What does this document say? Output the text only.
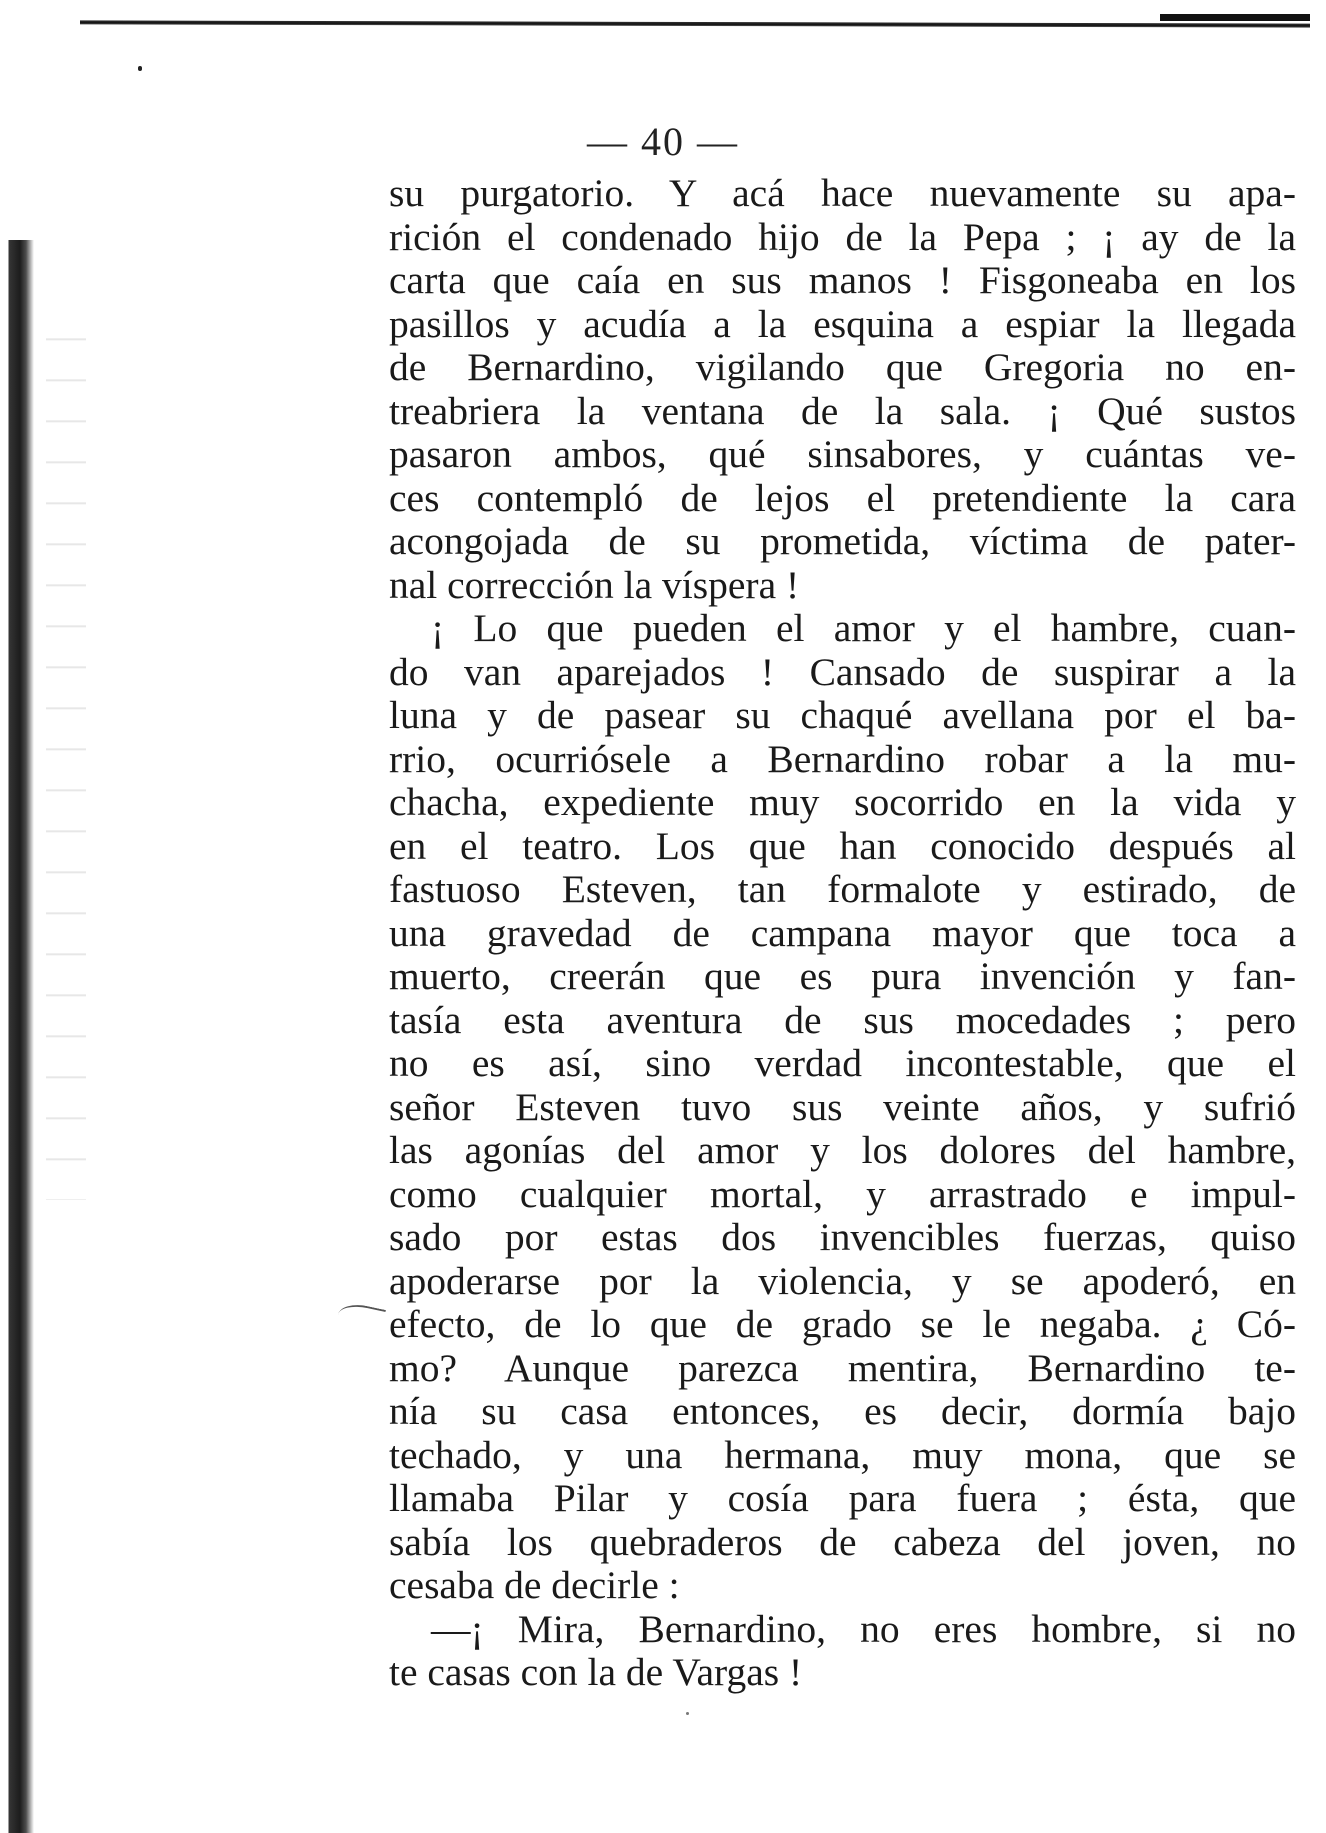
— 40 —
su purgatorio. Y acá hace nuevamente su apa-
rición el condenado hijo de la Pepa ; ¡ ay de la
carta que caía en sus manos ! Fisgoneaba en los
pasillos y acudía a la esquina a espiar la llegada
de Bernardino, vigilando que Gregoria no en-
treabriera la ventana de la sala. ¡ Qué sustos
pasaron ambos, qué sinsabores, y cuántas ve-
ces contempló de lejos el pretendiente la cara
acongojada de su prometida, víctima de pater-
nal corrección la víspera !
¡ Lo que pueden el amor y el hambre, cuan-
do van aparejados ! Cansado de suspirar a la
luna y de pasear su chaqué avellana por el ba-
rrio, ocurriósele a Bernardino robar a la mu-
chacha, expediente muy socorrido en la vida y
en el teatro. Los que han conocido después al
fastuoso Esteven, tan formalote y estirado, de
una gravedad de campana mayor que toca a
muerto, creerán que es pura invención y fan-
tasía esta aventura de sus mocedades ; pero
no es así, sino verdad incontestable, que el
señor Esteven tuvo sus veinte años, y sufrió
las agonías del amor y los dolores del hambre,
como cualquier mortal, y arrastrado e impul-
sado por estas dos invencibles fuerzas, quiso
apoderarse por la violencia, y se apoderó, en
efecto, de lo que de grado se le negaba. ¿ Có-
mo? Aunque parezca mentira, Bernardino te-
nía su casa entonces, es decir, dormía bajo
techado, y una hermana, muy mona, que se
llamaba Pilar y cosía para fuera ; ésta, que
sabía los quebraderos de cabeza del joven, no
cesaba de decirle :
—¡ Mira, Bernardino, no eres hombre, si no
te casas con la de Vargas !
